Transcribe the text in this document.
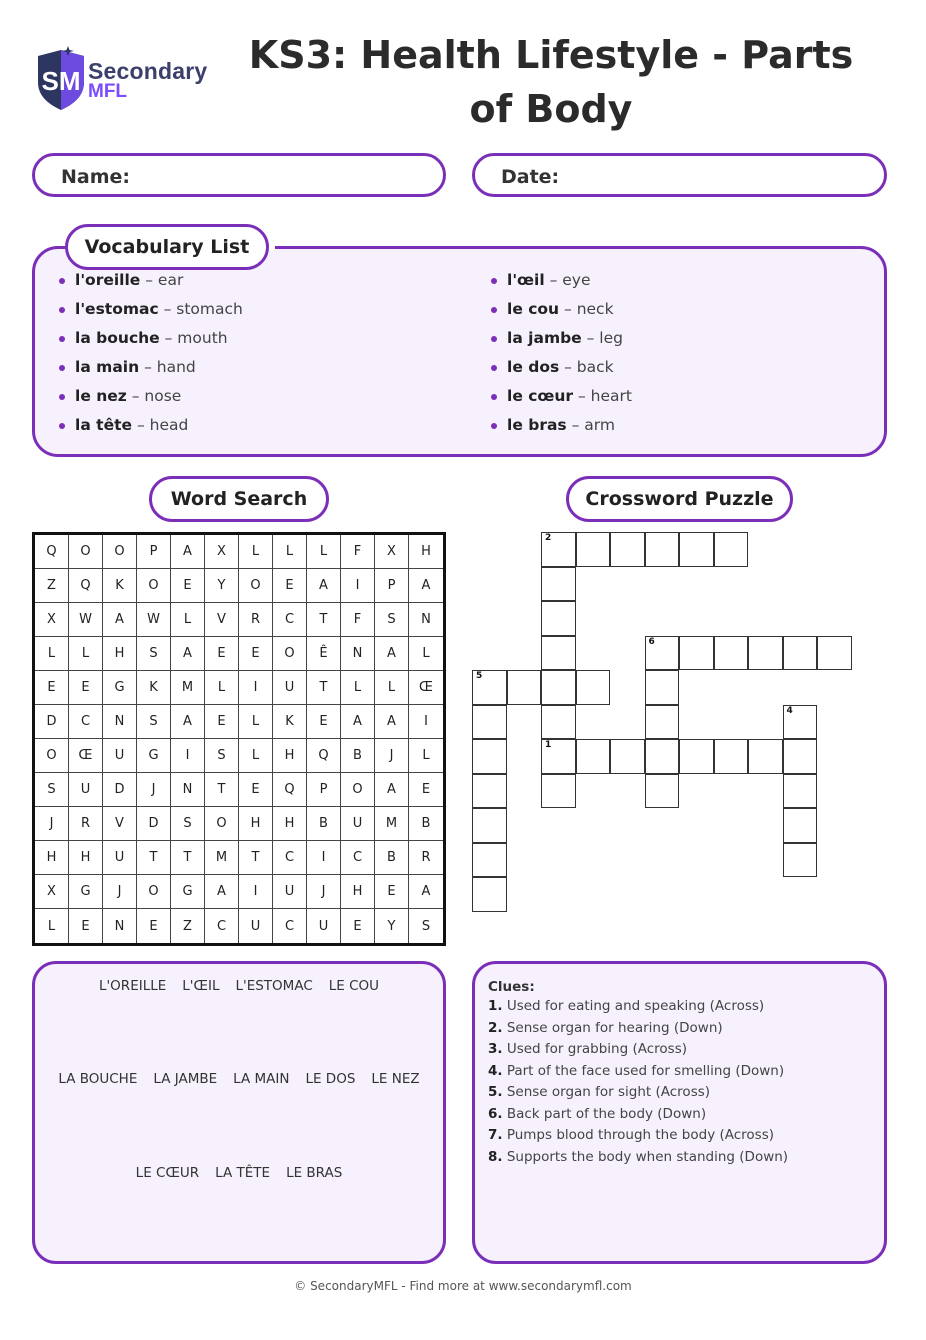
SM Secondary
MFL
KS3: Health Lifestyle - Parts of Body
Name:	Date:
l'oreille – ear
l'estomac – stomach
la bouche – mouth
la main – hand
le nez – nose
la tête – head
l'œil – eye
le cou – neck
la jambe – leg
le dos – back
le cœur – heart
le bras – arm
Vocabulary List
Word Search	Crossword Puzzle
Q	O	O	P	A	X	L	L	L	F	X	H
Z	Q	K	O	E	Y	O	E	A	I	P	A
X	W	A	W	L	V	R	C	T	F	S	N
L	L	H	S	A	E	E	O	Ê	N	A	L
E	E	G	K	M	L	I	U	T	L	L	Œ
D	C	N	S	A	E	L	K	E	A	A	I
O	Œ	U	G	I	S	L	H	Q	B	J	L
S	U	D	J	N	T	E	Q	P	O	A	E
J	R	V	D	S	O	H	H	B	U	M	B
H	H	U	T	T	M	T	C	I	C	B	R
X	G	J	O	G	A	I	U	J	H	E	A
L	E	N	E	Z	C	U	C	U	E	Y	S
2
6
5
4
1
L'OREILLE L'ŒIL L'ESTOMAC LE COU
LA BOUCHE LA JAMBE LA MAIN LE DOS LE NEZ
LE CŒUR LA TÊTE LE BRAS
Clues:
1. Used for eating and speaking (Across)
2. Sense organ for hearing (Down)
3. Used for grabbing (Across)
4. Part of the face used for smelling (Down)
5. Sense organ for sight (Across)
6. Back part of the body (Down)
7. Pumps blood through the body (Across)
8. Supports the body when standing (Down)
© SecondaryMFL - Find more at www.secondarymfl.com
